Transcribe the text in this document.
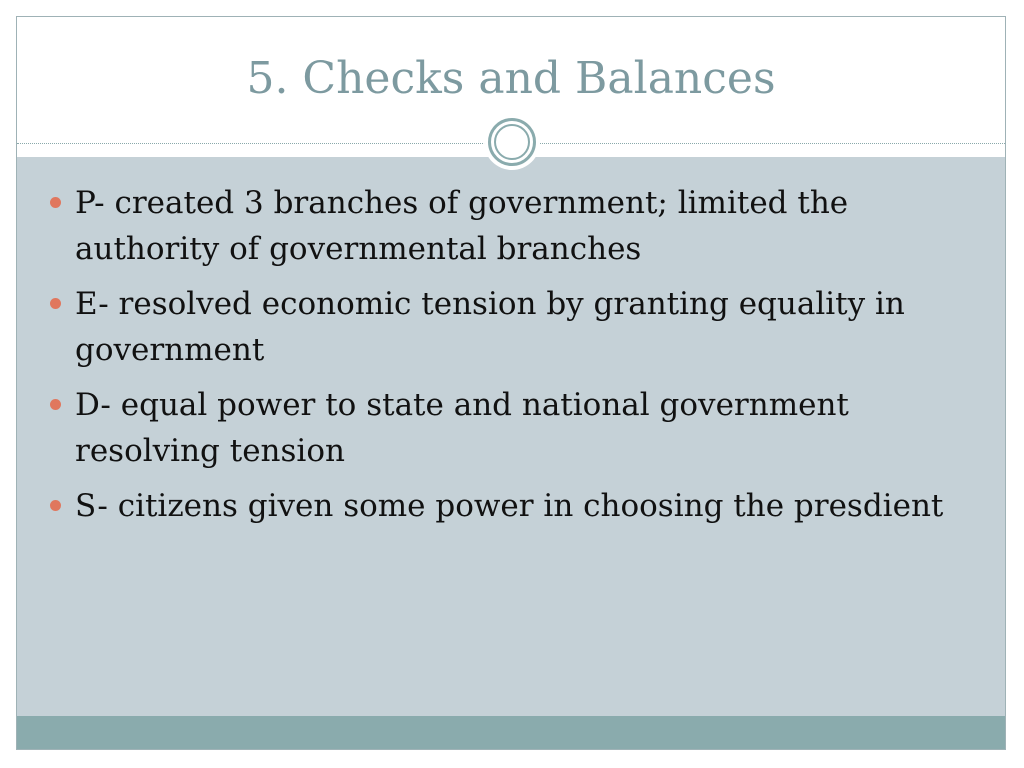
5. Checks and Balances
P- created 3 branches of government; limited the authority of governmental branches
E- resolved economic tension by granting equality in government
D- equal power to state and national government resolving tension
S- citizens given some power in choosing the presdient
